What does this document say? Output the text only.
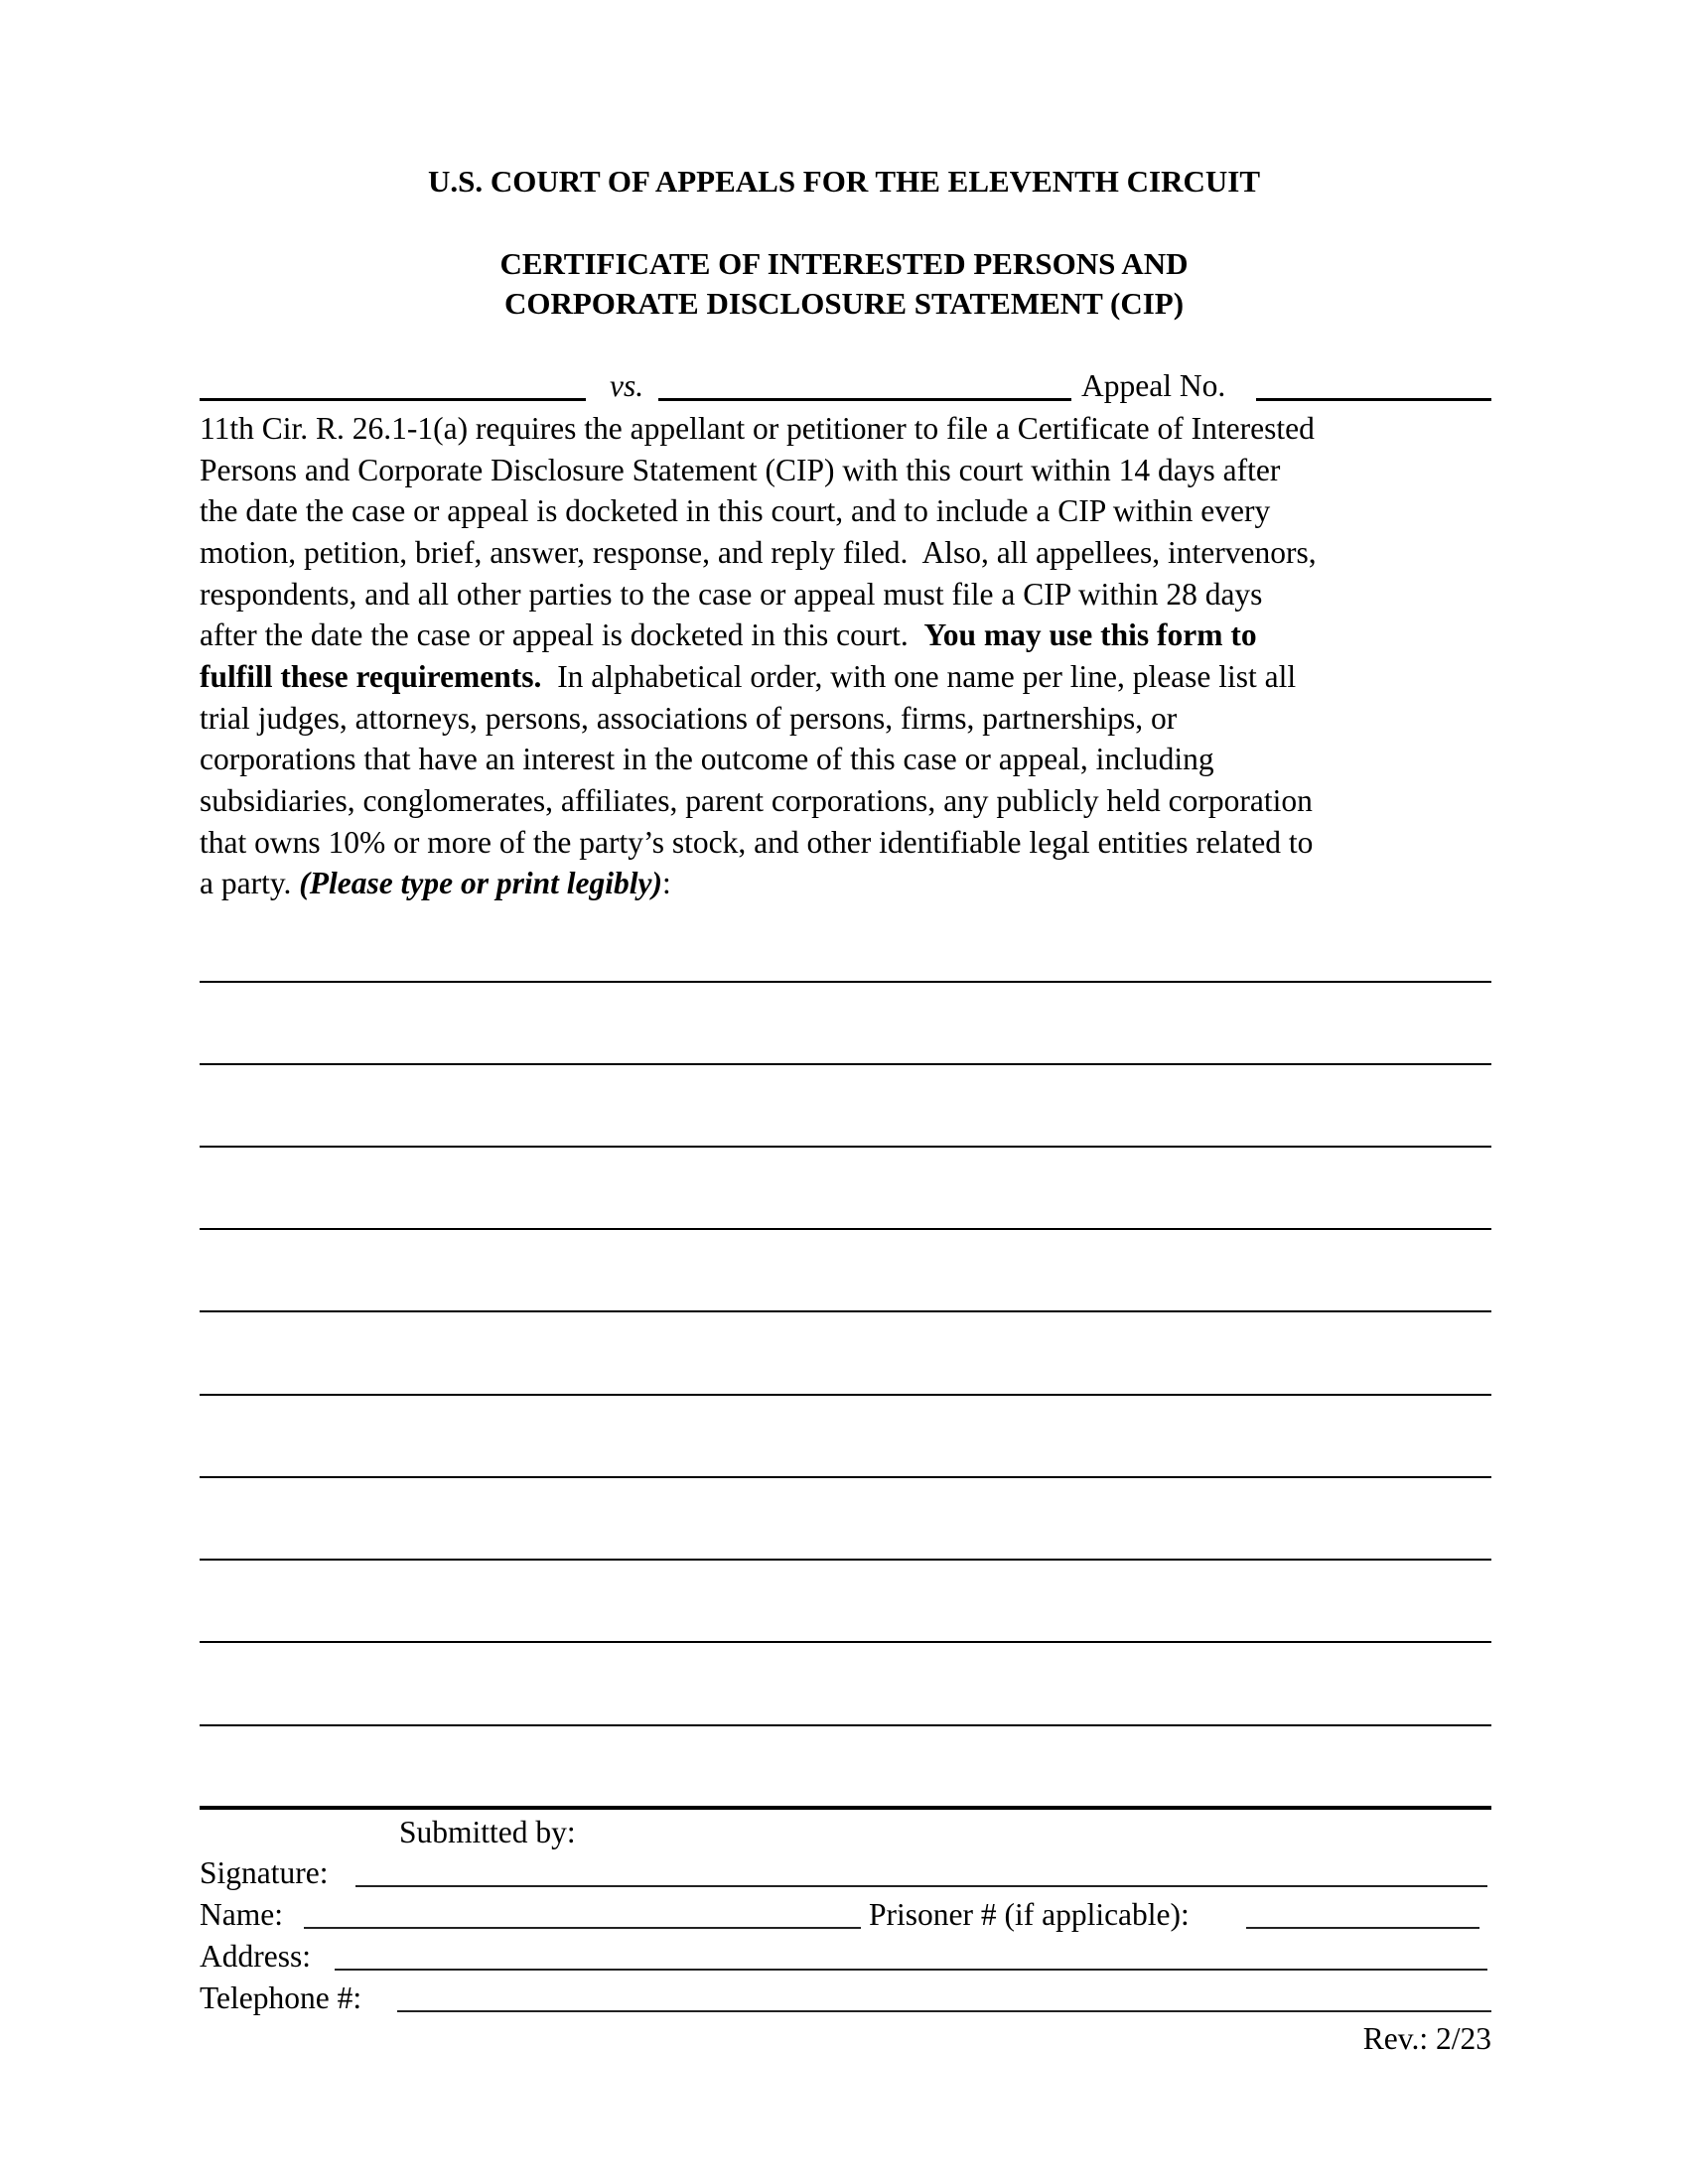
U.S. COURT OF APPEALS FOR THE ELEVENTH CIRCUIT
CERTIFICATE OF INTERESTED PERSONS AND
CORPORATE DISCLOSURE STATEMENT (CIP)
vs.	Appeal No.
11th Cir. R. 26.1-1(a) requires the appellant or petitioner to file a Certificate of Interested
Persons and Corporate Disclosure Statement (CIP) with this court within 14 days after
the date the case or appeal is docketed in this court, and to include a CIP within every
motion, petition, brief, answer, response, and reply filed.  Also, all appellees, intervenors,
respondents, and all other parties to the case or appeal must file a CIP within 28 days
after the date the case or appeal is docketed in this court.  You may use this form to
fulfill these requirements.  In alphabetical order, with one name per line, please list all
trial judges, attorneys, persons, associations of persons, firms, partnerships, or
corporations that have an interest in the outcome of this case or appeal, including
subsidiaries, conglomerates, affiliates, parent corporations, any publicly held corporation
that owns 10% or more of the party’s stock, and other identifiable legal entities related to
a party. (Please type or print legibly):
Submitted by:
Signature:
Name:	Prisoner # (if applicable):
Address:
Telephone #:
Rev.: 2/23
